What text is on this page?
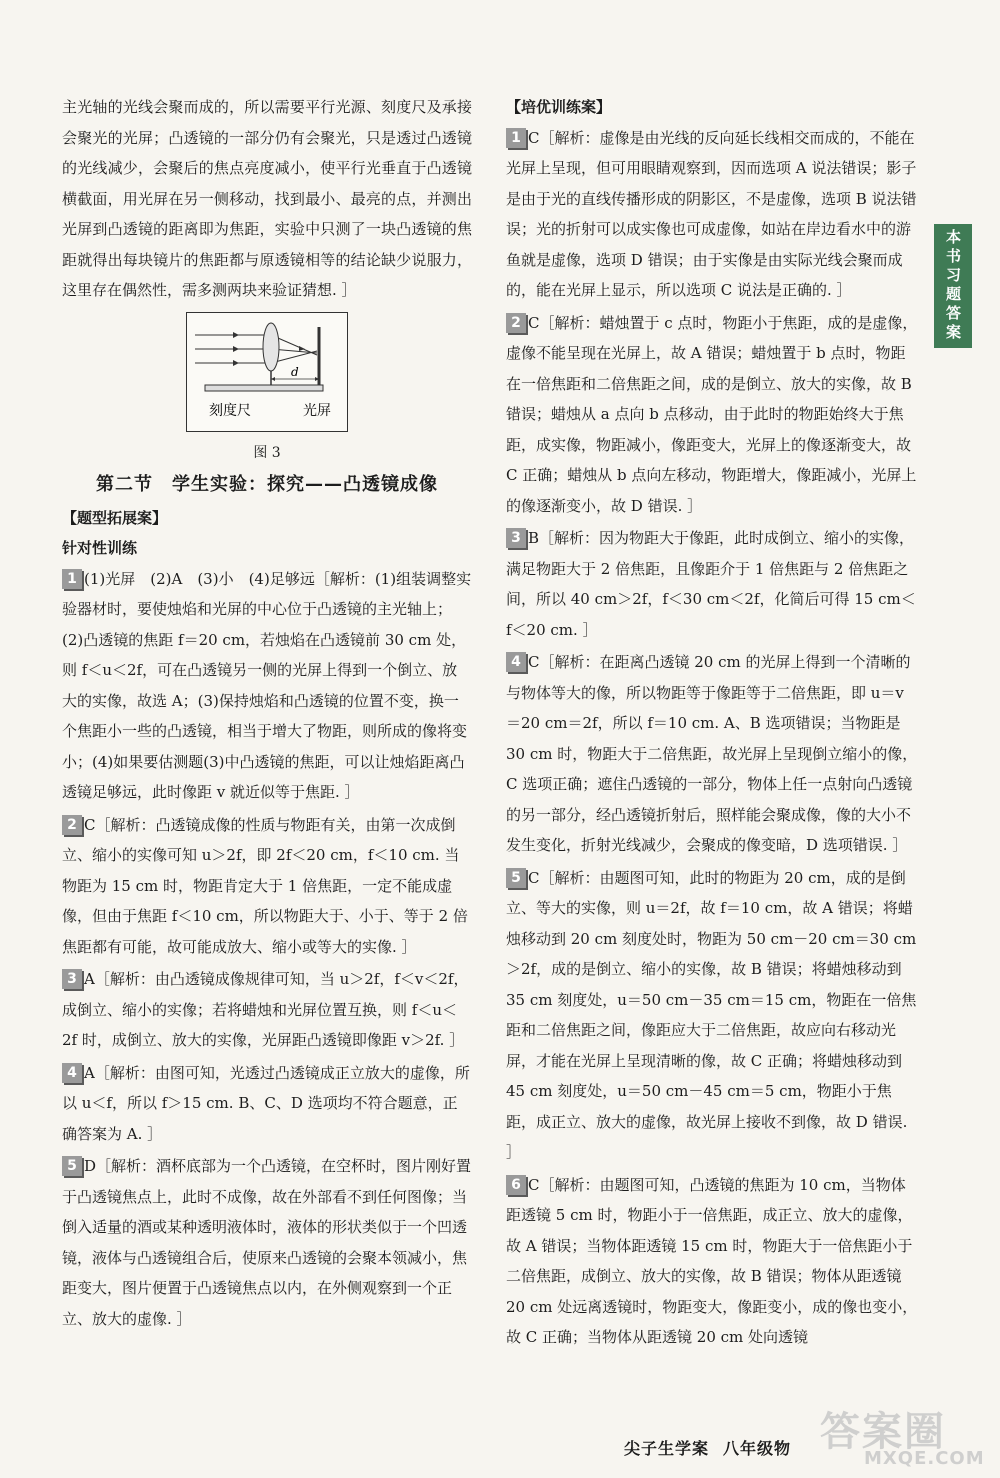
主光轴的光线会聚而成的，所以需要平行光源、刻度尺及承接会聚光的光屏；凸透镜的一部分仍有会聚光，只是透过凸透镜的光线减少，会聚后的焦点亮度减小，使平行光垂直于凸透镜横截面，用光屏在另一侧移动，找到最小、最亮的点，并测出光屏到凸透镜的距离即为焦距，实验中只测了一块凸透镜的焦距就得出每块镜片的焦距都与原透镜相等的结论缺少说服力，这里存在偶然性，需多测两块来验证猜想. ］

d
刻度尺	光屏

图 3

第二节　学生实验：探究——凸透镜成像

【题型拓展案】

针对性训练

1 (1)光屏　(2)A　(3)小　(4)足够远［解析：(1)组装调整实验器材时，要使烛焰和光屏的中心位于凸透镜的主光轴上；(2)凸透镜的焦距 f＝20 cm，若烛焰在凸透镜前 30 cm 处，则 f＜u＜2f，可在凸透镜另一侧的光屏上得到一个倒立、放大的实像，故选 A；(3)保持烛焰和凸透镜的位置不变，换一个焦距小一些的凸透镜，相当于增大了物距，则所成的像将变小；(4)如果要估测题(3)中凸透镜的焦距，可以让烛焰距离凸透镜足够远，此时像距 v 就近似等于焦距. ］
2 C［解析：凸透镜成像的性质与物距有关，由第一次成倒立、缩小的实像可知 u＞2f，即 2f＜20 cm，f＜10 cm. 当物距为 15 cm 时，物距肯定大于 1 倍焦距，一定不能成虚像，但由于焦距 f＜10 cm，所以物距大于、小于、等于 2 倍焦距都有可能，故可能成放大、缩小或等大的实像. ］
3 A［解析：由凸透镜成像规律可知，当 u＞2f，f＜v＜2f，成倒立、缩小的实像；若将蜡烛和光屏位置互换，则 f＜u＜2f 时，成倒立、放大的实像，光屏距凸透镜即像距 v＞2f. ］
4 A［解析：由图可知，光透过凸透镜成正立放大的虚像，所以 u＜f，所以 f＞15 cm. B、C、D 选项均不符合题意，正确答案为 A. ］
5 D［解析：酒杯底部为一个凸透镜，在空杯时，图片刚好置于凸透镜焦点上，此时不成像，故在外部看不到任何图像；当倒入适量的酒或某种透明液体时，液体的形状类似于一个凹透镜，液体与凸透镜组合后，使原来凸透镜的会聚本领减小，焦距变大，图片便置于凸透镜焦点以内，在外侧观察到一个正立、放大的虚像. ］

【培优训练案】

1 C［解析：虚像是由光线的反向延长线相交而成的，不能在光屏上呈现，但可用眼睛观察到，因而选项 A 说法错误；影子是由于光的直线传播形成的阴影区，不是虚像，选项 B 说法错误；光的折射可以成实像也可成虚像，如站在岸边看水中的游鱼就是虚像，选项 D 错误；由于实像是由实际光线会聚而成的，能在光屏上显示，所以选项 C 说法是正确的. ］
2 C［解析：蜡烛置于 c 点时，物距小于焦距，成的是虚像，虚像不能呈现在光屏上，故 A 错误；蜡烛置于 b 点时，物距在一倍焦距和二倍焦距之间，成的是倒立、放大的实像，故 B 错误；蜡烛从 a 点向 b 点移动，由于此时的物距始终大于焦距，成实像，物距减小，像距变大，光屏上的像逐渐变大，故 C 正确；蜡烛从 b 点向左移动，物距增大，像距减小，光屏上的像逐渐变小，故 D 错误. ］
3 B［解析：因为物距大于像距，此时成倒立、缩小的实像，满足物距大于 2 倍焦距，且像距介于 1 倍焦距与 2 倍焦距之间，所以 40 cm＞2f，f＜30 cm＜2f，化简后可得 15 cm＜f＜20 cm. ］
4 C［解析：在距离凸透镜 20 cm 的光屏上得到一个清晰的与物体等大的像，所以物距等于像距等于二倍焦距，即 u＝v＝20 cm＝2f，所以 f＝10 cm. A、B 选项错误；当物距是 30 cm 时，物距大于二倍焦距，故光屏上呈现倒立缩小的像，C 选项正确；遮住凸透镜的一部分，物体上任一点射向凸透镜的另一部分，经凸透镜折射后，照样能会聚成像，像的大小不发生变化，折射光线减少，会聚成的像变暗，D 选项错误. ］
5 C［解析：由题图可知，此时的物距为 20 cm，成的是倒立、等大的实像，则 u＝2f，故 f＝10 cm，故 A 错误；将蜡烛移动到 20 cm 刻度处时，物距为 50 cm－20 cm＝30 cm＞2f，成的是倒立、缩小的实像，故 B 错误；将蜡烛移动到 35 cm 刻度处，u＝50 cm－35 cm＝15 cm，物距在一倍焦距和二倍焦距之间，像距应大于二倍焦距，故应向右移动光屏，才能在光屏上呈现清晰的像，故 C 正确；将蜡烛移动到 45 cm 刻度处，u＝50 cm－45 cm＝5 cm，物距小于焦距，成正立、放大的虚像，故光屏上接收不到像，故 D 错误. ］
6 C［解析：由题图可知，凸透镜的焦距为 10 cm，当物体距透镜 5 cm 时，物距小于一倍焦距，成正立、放大的虚像，故 A 错误；当物体距透镜 15 cm 时，物距大于一倍焦距小于二倍焦距，成倒立、放大的实像，故 B 错误；物体从距透镜 20 cm 处远离透镜时，物距变大，像距变小，成的像也变小，故 C 正确；当物体从距透镜 20 cm 处向透镜
本书习题答案
答案圈
MXQE.COM
尖子生学案 八年级物
